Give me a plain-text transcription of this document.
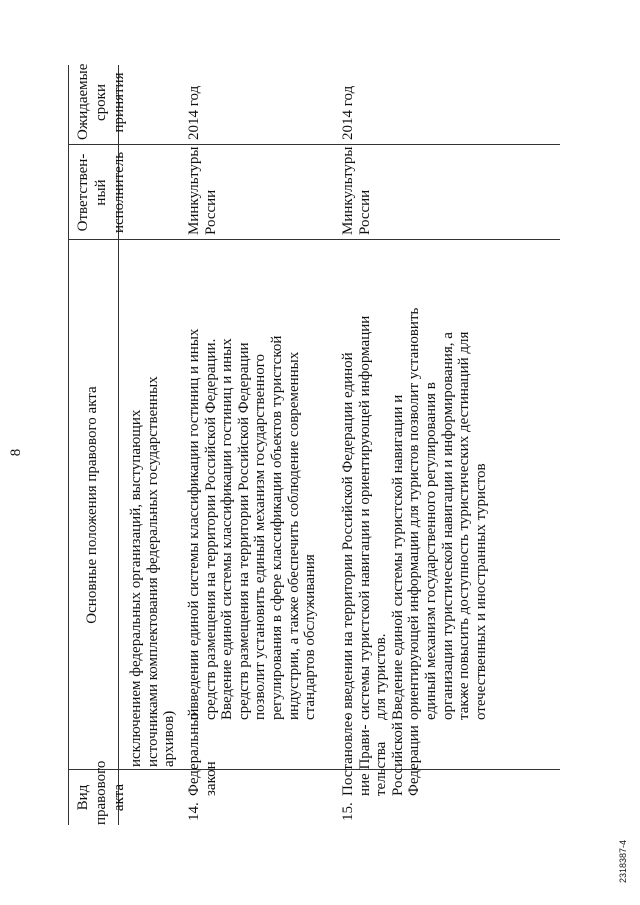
8
Вид правового акта
Основные положения правового акта
Ответствен- ный исполнитель
Ожидаемые сроки принятия
исключением федеральных организаций, выступающих источниками комплектования федеральных государственных архивов)
14.
Федеральный закон
о введении единой системы классификации гостиниц и иных средств размещения на территории Российской Федерации. Введение единой системы классификации гостиниц и иных средств размещения на территории Российской Федерации позволит установить единый механизм государственного регулирования в сфере классификации объектов туристской индустрии, а также обеспечить соблюдение современных стандартов обслуживания
Минкультуры России
2014 год
15.
Постановле- ние Прави- тельства Российской Федерации
о введении на территории Российской Федерации единой системы туристской навигации и ориентирующей информации для туристов. Введение единой системы туристской навигации и ориентирующей информации для туристов позволит установить единый механизм государственного регулирования в организации туристической навигации и информирования, а также повысить доступность туристических дестинаций для отечественных и иностранных туристов
Минкультуры России
2014 год
2318387-4
